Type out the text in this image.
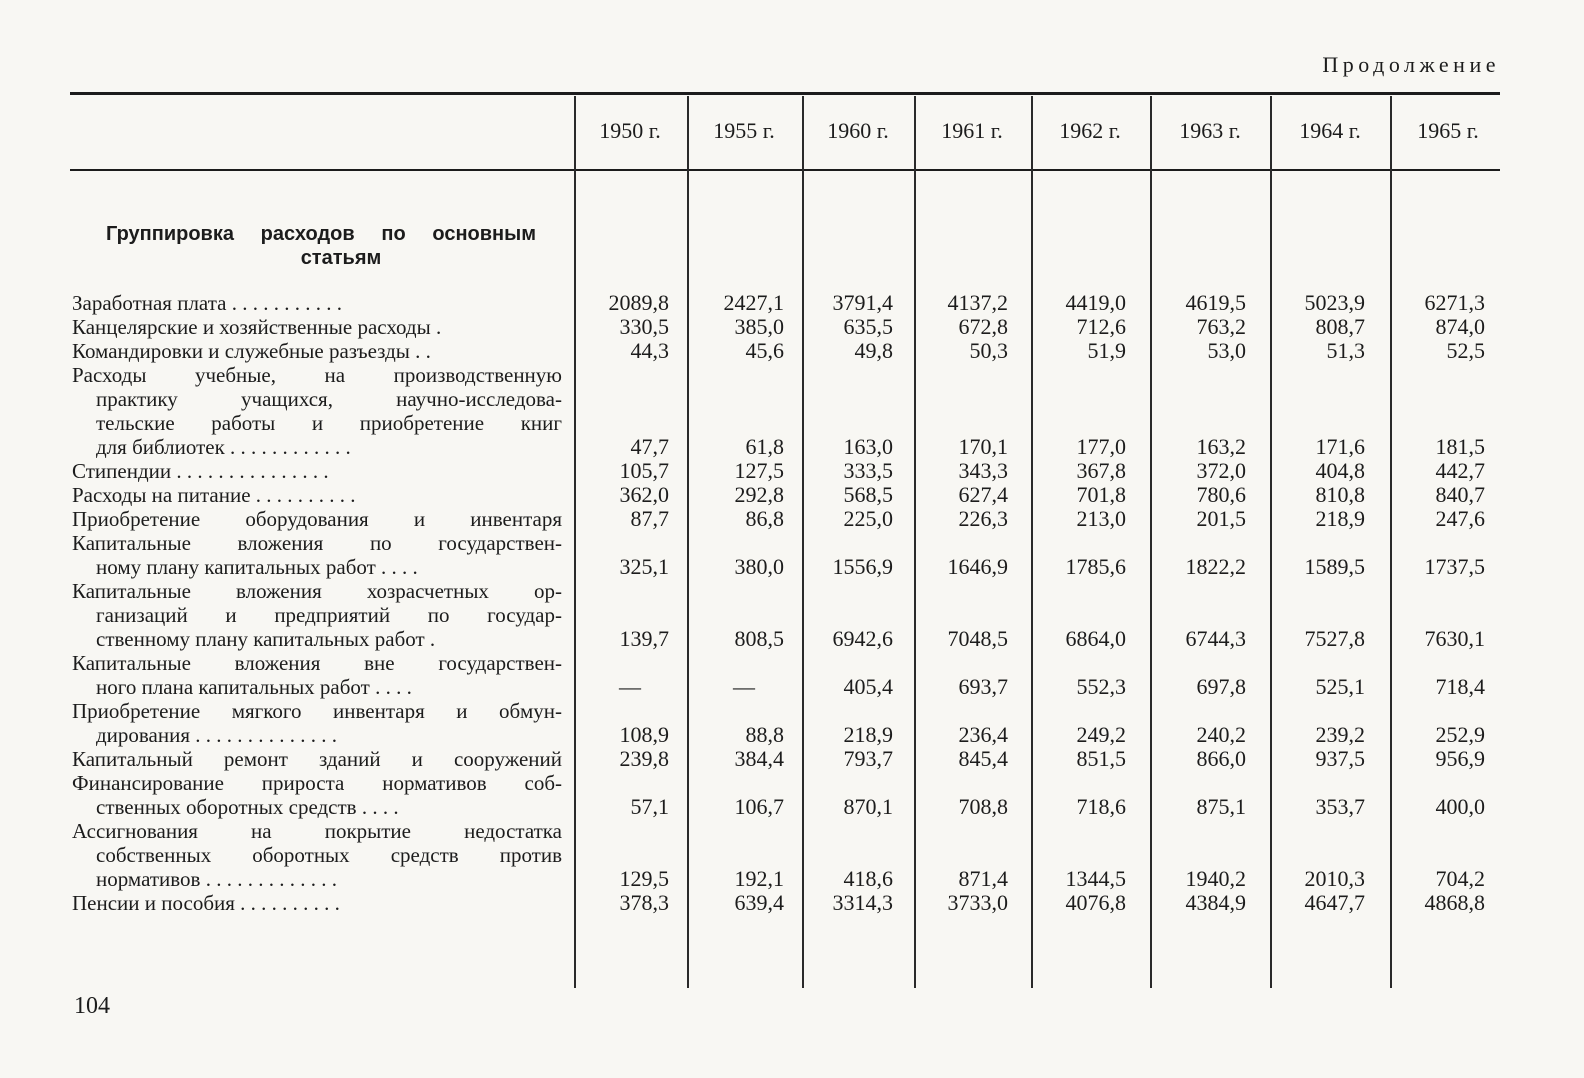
Продолжение
1950 г.	1955 г.	1960 г.	1961 г.	1962 г.	1963 г.	1964 г.	1965 г.
Заработная плата . . . . . . . . . . .	2089,8	2427,1	3791,4	4137,2	4419,0	4619,5	5023,9	6271,3
Канцелярские и хозяйственные расходы .	330,5	385,0	635,5	672,8	712,6	763,2	808,7	874,0
Командировки и служебные разъезды . .	44,3	45,6	49,8	50,3	51,9	53,0	51,3	52,5
Расходы учебные, на производственную
практику учащихся, научно-исследова-
тельские работы и приобретение книг
для библиотек . . . . . . . . . . . .	47,7	61,8	163,0	170,1	177,0	163,2	171,6	181,5
Стипендии . . . . . . . . . . . . . . .	105,7	127,5	333,5	343,3	367,8	372,0	404,8	442,7
Расходы на питание . . . . . . . . . .	362,0	292,8	568,5	627,4	701,8	780,6	810,8	840,7
Приобретение оборудования и инвентаря	87,7	86,8	225,0	226,3	213,0	201,5	218,9	247,6
Капитальные вложения по государствен-
ному плану капитальных работ . . . .	325,1	380,0	1556,9	1646,9	1785,6	1822,2	1589,5	1737,5
Капитальные вложения хозрасчетных ор-
ганизаций и предприятий по государ-
ственному плану капитальных работ .	139,7	808,5	6942,6	7048,5	6864,0	6744,3	7527,8	7630,1
Капитальные вложения вне государствен-
ного плана капитальных работ . . . .	—	—	405,4	693,7	552,3	697,8	525,1	718,4
Приобретение мягкого инвентаря и обмун-
дирования . . . . . . . . . . . . . .	108,9	88,8	218,9	236,4	249,2	240,2	239,2	252,9
Капитальный ремонт зданий и сооружений	239,8	384,4	793,7	845,4	851,5	866,0	937,5	956,9
Финансирование прироста нормативов соб-
ственных оборотных средств . . . .	57,1	106,7	870,1	708,8	718,6	875,1	353,7	400,0
Ассигнования на покрытие недостатка
собственных оборотных средств против
нормативов . . . . . . . . . . . . .	129,5	192,1	418,6	871,4	1344,5	1940,2	2010,3	704,2
Пенсии и пособия . . . . . . . . . .	378,3	639,4	3314,3	3733,0	4076,8	4384,9	4647,7	4868,8
Группировка расходов по основным
статьям
104
